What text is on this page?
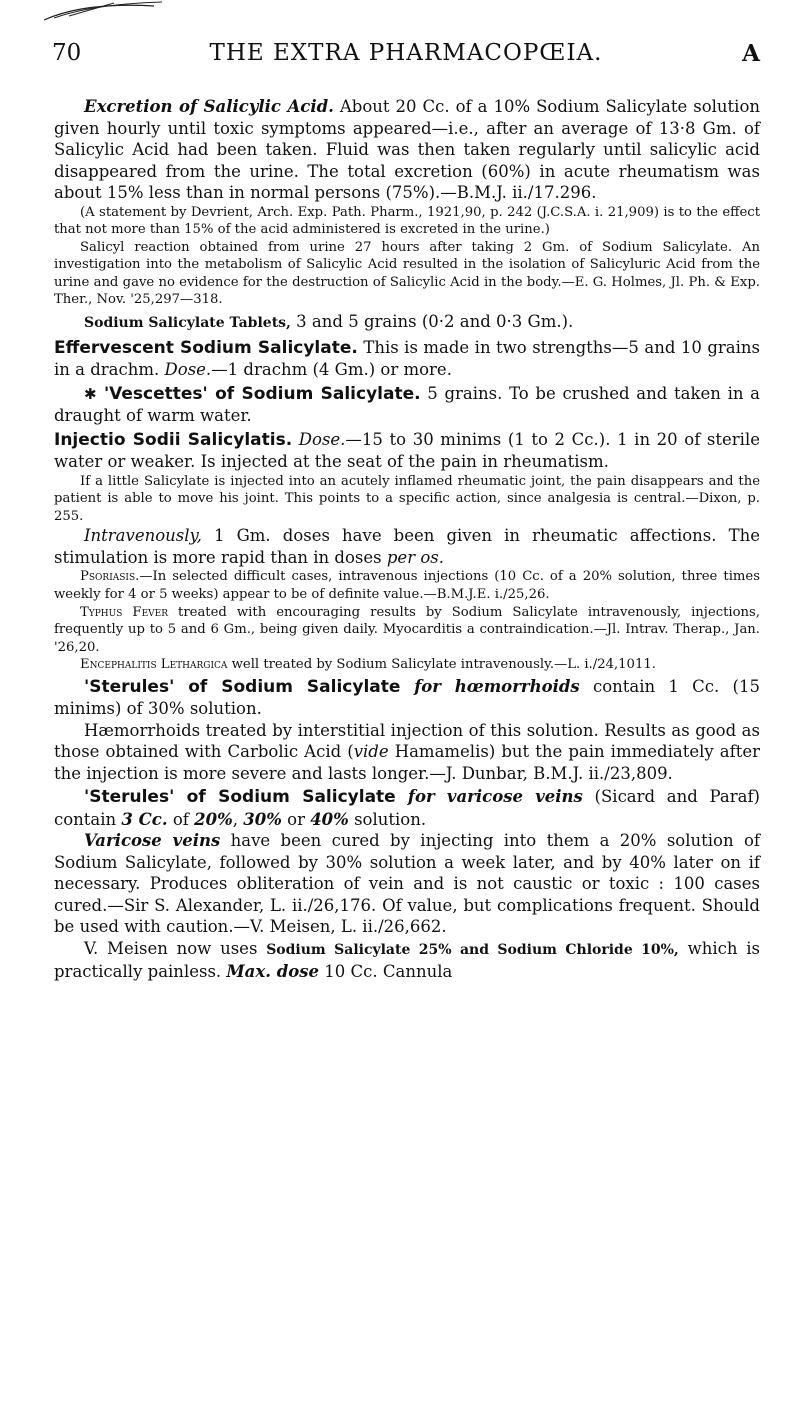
70	THE EXTRA PHARMACOPŒIA.	A

Excretion of Salicylic Acid. About 20 Cc. of a 10% Sodium Salicylate solution given hourly until toxic symptoms appeared—i.e., after an average of 13·8 Gm. of Salicylic Acid had been taken. Fluid was then taken regularly until salicylic acid disappeared from the urine. The total excretion (60%) in acute rheumatism was about 15% less than in normal persons (75%).—B.M.J. ii./17.296.

(A statement by Devrient, Arch. Exp. Path. Pharm., 1921,90, p. 242 (J.C.S.A. i. 21,909) is to the effect that not more than 15% of the acid administered is excreted in the urine.)

Salicyl reaction obtained from urine 27 hours after taking 2 Gm. of Sodium Salicylate. An investigation into the metabolism of Salicylic Acid resulted in the isolation of Salicyluric Acid from the urine and gave no evidence for the destruction of Salicylic Acid in the body.—E. G. Holmes, Jl. Ph. & Exp. Ther., Nov. '25,297—318.

Sodium Salicylate Tablets, 3 and 5 grains (0·2 and 0·3 Gm.).

Effervescent Sodium Salicylate. This is made in two strengths—5 and 10 grains in a drachm. Dose.—1 drachm (4 Gm.) or more.

✱ 'Vescettes' of Sodium Salicylate. 5 grains. To be crushed and taken in a draught of warm water.

Injectio Sodii Salicylatis. Dose.—15 to 30 minims (1 to 2 Cc.). 1 in 20 of sterile water or weaker. Is injected at the seat of the pain in rheumatism.

If a little Salicylate is injected into an acutely inflamed rheumatic joint, the pain disappears and the patient is able to move his joint. This points to a specific action, since analgesia is central.—Dixon, p. 255.

Intravenously, 1 Gm. doses have been given in rheumatic affections. The stimulation is more rapid than in doses per os.

Psoriasis.—In selected difficult cases, intravenous injections (10 Cc. of a 20% solution, three times weekly for 4 or 5 weeks) appear to be of definite value.—B.M.J.E. i./25,26.

Typhus Fever treated with encouraging results by Sodium Salicylate intravenously, injections, frequently up to 5 and 6 Gm., being given daily. Myocarditis a contraindication.—Jl. Intrav. Therap., Jan. '26,20.

Encephalitis Lethargica well treated by Sodium Salicylate intravenously.—L. i./24,1011.

'Sterules' of Sodium Salicylate for hœmorrhoids contain 1 Cc. (15 minims) of 30% solution.

Hæmorrhoids treated by interstitial injection of this solution. Results as good as those obtained with Carbolic Acid (vide Hamamelis) but the pain immediately after the injection is more severe and lasts longer.—J. Dunbar, B.M.J. ii./23,809.

'Sterules' of Sodium Salicylate for varicose veins (Sicard and Paraf) contain 3 Cc. of 20%, 30% or 40% solution.

Varicose veins have been cured by injecting into them a 20% solution of Sodium Salicylate, followed by 30% solution a week later, and by 40% later on if necessary. Produces obliteration of vein and is not caustic or toxic : 100 cases cured.—Sir S. Alexander, L. ii./26,176. Of value, but complications frequent. Should be used with caution.—V. Meisen, L. ii./26,662.

V. Meisen now uses Sodium Salicylate 25% and Sodium Chloride 10%, which is practically painless. Max. dose 10 Cc. Cannula
